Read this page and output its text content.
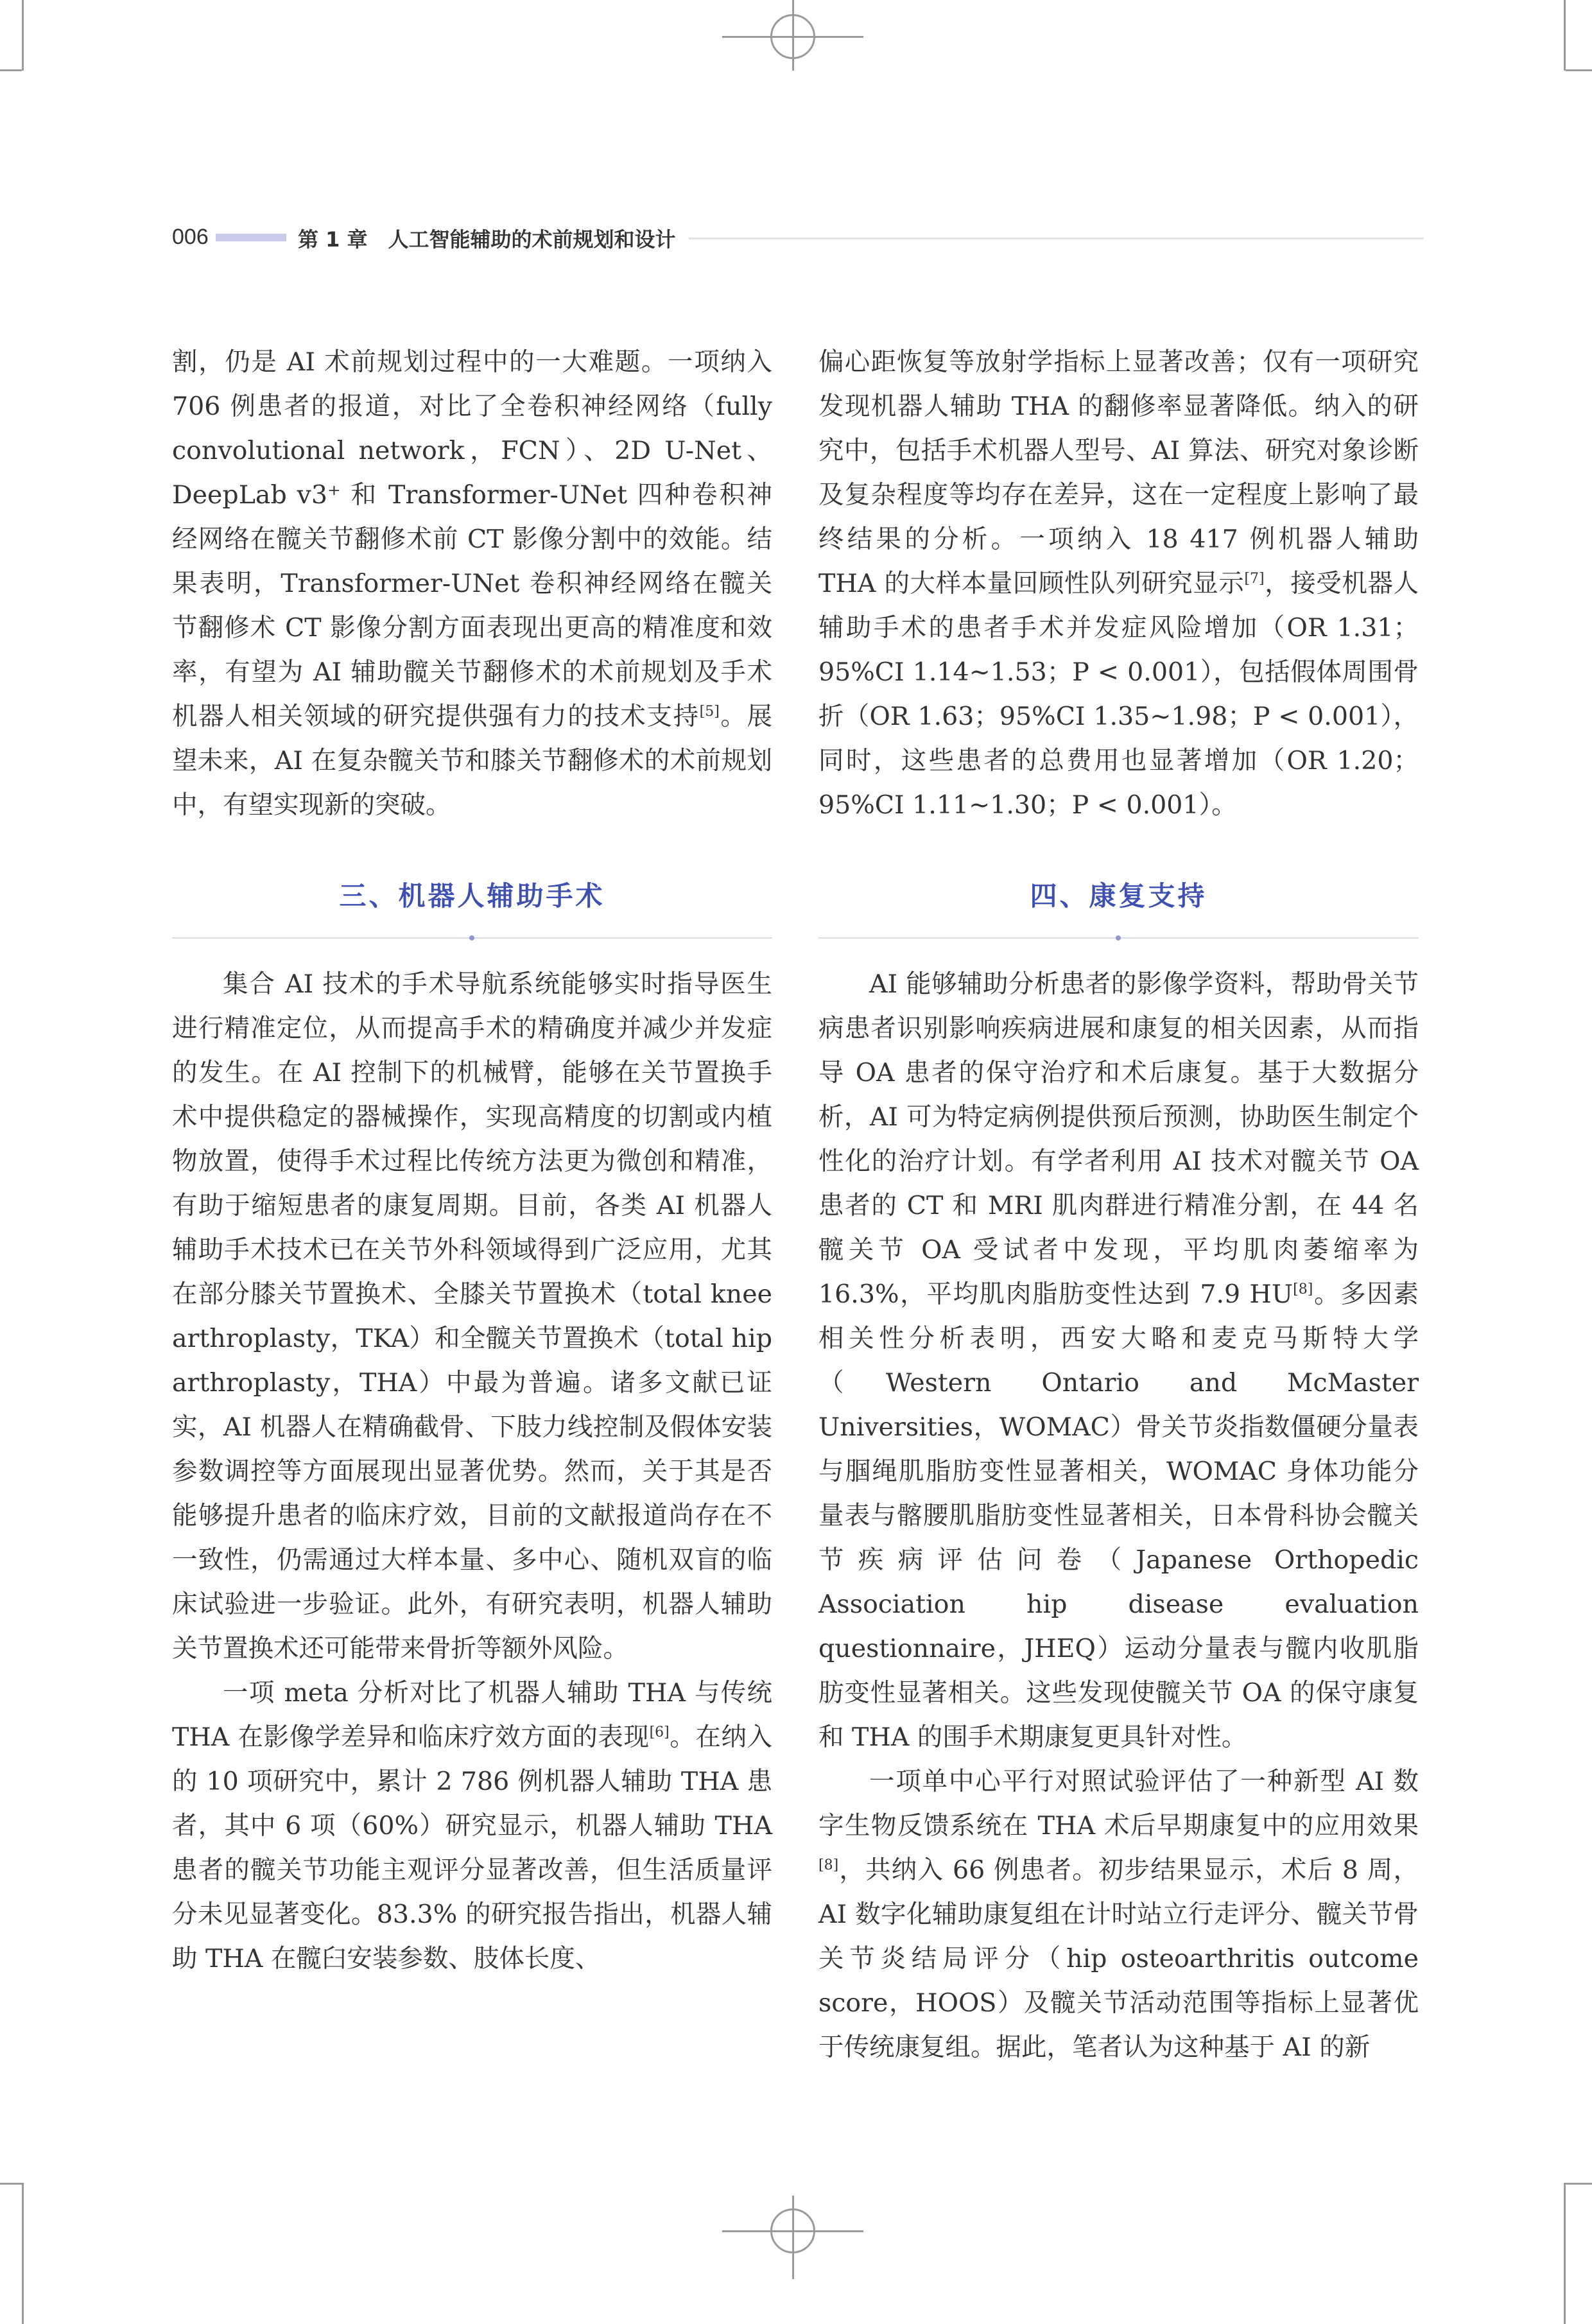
006	第 1 章　人工智能辅助的术前规划和设计

割，仍是 AI 术前规划过程中的一大难题。一项纳入 706 例患者的报道，对比了全卷积神经网络（fully convolutional network，FCN）、2D U-Net、DeepLab v3⁺ 和 Transformer-UNet 四种卷积神经网络在髋关节翻修术前 CT 影像分割中的效能。结果表明，Transformer-UNet 卷积神经网络在髋关节翻修术 CT 影像分割方面表现出更高的精准度和效率，有望为 AI 辅助髋关节翻修术的术前规划及手术机器人相关领域的研究提供强有力的技术支持[5]。展望未来，AI 在复杂髋关节和膝关节翻修术的术前规划中，有望实现新的突破。

三、机器人辅助手术

集合 AI 技术的手术导航系统能够实时指导医生进行精准定位，从而提高手术的精确度并减少并发症的发生。在 AI 控制下的机械臂，能够在关节置换手术中提供稳定的器械操作，实现高精度的切割或内植物放置，使得手术过程比传统方法更为微创和精准，有助于缩短患者的康复周期。目前，各类 AI 机器人辅助手术技术已在关节外科领域得到广泛应用，尤其在部分膝关节置换术、全膝关节置换术（total knee arthroplasty，TKA）和全髋关节置换术（total hip arthroplasty，THA）中最为普遍。诸多文献已证实，AI 机器人在精确截骨、下肢力线控制及假体安装参数调控等方面展现出显著优势。然而，关于其是否能够提升患者的临床疗效，目前的文献报道尚存在不一致性，仍需通过大样本量、多中心、随机双盲的临床试验进一步验证。此外，有研究表明，机器人辅助关节置换术还可能带来骨折等额外风险。

一项 meta 分析对比了机器人辅助 THA 与传统 THA 在影像学差异和临床疗效方面的表现[6]。在纳入的 10 项研究中，累计 2 786 例机器人辅助 THA 患者，其中 6 项（60%）研究显示，机器人辅助 THA 患者的髋关节功能主观评分显著改善，但生活质量评分未见显著变化。83.3% 的研究报告指出，机器人辅助 THA 在髋臼安装参数、肢体长度、

偏心距恢复等放射学指标上显著改善；仅有一项研究发现机器人辅助 THA 的翻修率显著降低。纳入的研究中，包括手术机器人型号、AI 算法、研究对象诊断及复杂程度等均存在差异，这在一定程度上影响了最终结果的分析。一项纳入 18 417 例机器人辅助 THA 的大样本量回顾性队列研究显示[7]，接受机器人辅助手术的患者手术并发症风险增加（OR 1.31；95%CI 1.14~1.53；P < 0.001），包括假体周围骨折（OR 1.63；95%CI 1.35~1.98；P < 0.001），同时，这些患者的总费用也显著增加（OR 1.20；95%CI 1.11~1.30；P < 0.001）。

四、康复支持

AI 能够辅助分析患者的影像学资料，帮助骨关节病患者识别影响疾病进展和康复的相关因素，从而指导 OA 患者的保守治疗和术后康复。基于大数据分析，AI 可为特定病例提供预后预测，协助医生制定个性化的治疗计划。有学者利用 AI 技术对髋关节 OA 患者的 CT 和 MRI 肌肉群进行精准分割，在 44 名髋关节 OA 受试者中发现，平均肌肉萎缩率为 16.3%，平均肌肉脂肪变性达到 7.9 HU[8]。多因素相关性分析表明，西安大略和麦克马斯特大学（Western Ontario and McMaster Universities，WOMAC）骨关节炎指数僵硬分量表与腘绳肌脂肪变性显著相关，WOMAC 身体功能分量表与髂腰肌脂肪变性显著相关，日本骨科协会髋关节疾病评估问卷（Japanese Orthopedic Association hip disease evaluation questionnaire，JHEQ）运动分量表与髋内收肌脂肪变性显著相关。这些发现使髋关节 OA 的保守康复和 THA 的围手术期康复更具针对性。

一项单中心平行对照试验评估了一种新型 AI 数字生物反馈系统在 THA 术后早期康复中的应用效果[8]，共纳入 66 例患者。初步结果显示，术后 8 周，AI 数字化辅助康复组在计时站立行走评分、髋关节骨关节炎结局评分（hip osteoarthritis outcome score，HOOS）及髋关节活动范围等指标上显著优于传统康复组。据此，笔者认为这种基于 AI 的新
